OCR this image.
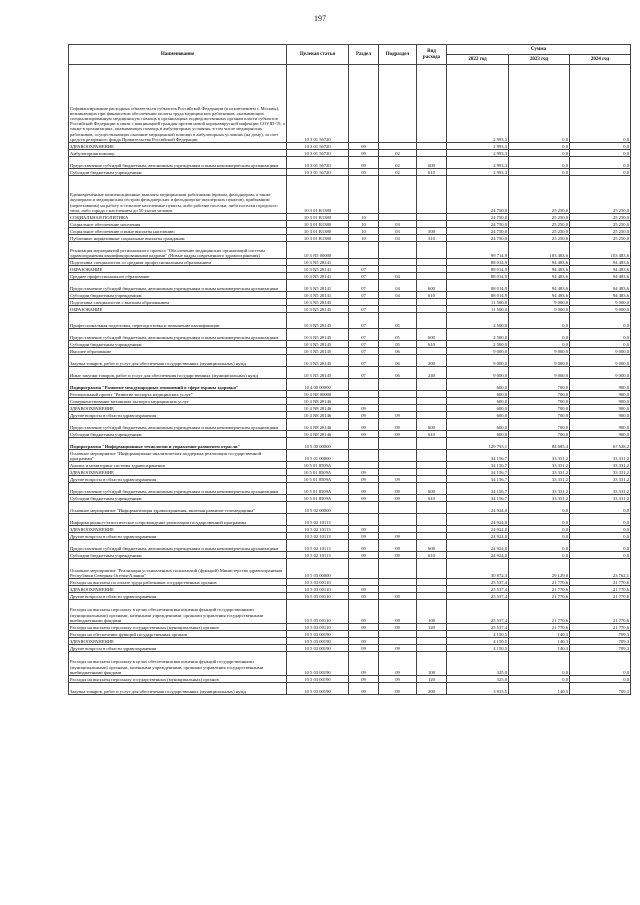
197
Наименование	Целевая статья	Раздел	Подраздел	Вид расхода	Сумма		
					2022 год	2023 год	2024 год
Софинансирование расходных обязательств субъектов Российской Федерации (в исключением г. Москвы), возникающих при финансовом обеспечении оплаты труда медицинских работников, оказывающих специализированную медицинскую помощь в организациях подведомственных органам власти субъектов Российской Федерации в связи с вакцинацией граждан против новой коронавирусной инфекции COVID-19, а также в организациях, оказывающих помощь в амбулаторных условиях, в том числе медицинских работников, осуществляющих оказание медицинской помощи в амбулаторных условиях (на дому), за счет средств резервного фонда Правительства Российской Федерации	10 3 01 56720				2 993,3	0,0	0,0
ЗДРАВООХРАНЕНИЕ	10 3 01 56720	09			2 993,3	0,0	0,0
Амбулаторная помощь	10 3 01 56720	09	02		2 993,3	0,0	0,0
Предоставление субсидий бюджетным, автономным учреждениям и иным некоммерческим организациям	10 3 01 56720	09	02	600	2 993,3	0,0	0,0
Субсидии бюджетным учреждениям	10 3 01 56720	09	02	610	2 993,3	0,0	0,0
Единовременные компенсационные выплаты медицинским работникам (врачам, фельдшерам, а также акушеркам и медицинским сестрам фельдшерских и фельдшерско-акушерских пунктов), прибывшим (переехавшим) на работу в сельские населенные пункты, либо рабочие поселки, либо поселки городского типа, либо города с населением до 50 тысяч человек	10 3 01 R1380				24 750,0	25 250,0	25 250,0
СОЦИАЛЬНАЯ ПОЛИТИКА	10 3 01 R1380	10			24 750,0	25 250,0	25 250,0
Социальное обеспечение населения	10 3 01 R1380	10	03		24 750,0	25 250,0	25 250,0
Социальное обеспечение и иные выплаты населению	10 3 01 R1380	10	03	300	24 750,0	25 250,0	25 250,0
Публичные нормативные социальные выплаты гражданам	10 3 01 R1380	10	03	310	24 750,0	25 250,0	25 250,0
Реализация мероприятий регионального проекта "Обеспечение медицинских организаций системы здравоохранения квалифицированными кадрами" (Новые кадры современного здравоохранения)	10 3 N5 00000				99 714,9	103 483,6	103 483,6
Подготовка специалистов со средним профессиональным образованием	10 3 N5 28141				88 014,9	94 483,6	94 483,6
ОБРАЗОВАНИЕ	10 3 N5 28141	07			88 014,9	94 483,6	94 483,6
Среднее профессиональное образование	10 3 N5 28141	07	04		88 014,9	94 483,6	94 483,6
Предоставление субсидий бюджетным, автономным учреждениям и иным некоммерческим организациям	10 3 N5 28141	07	04	600	88 014,9	94 483,6	94 483,6
Субсидии бюджетным учреждениям	10 3 N5 28141	07	04	610	88 014,9	94 483,6	94 483,6
Подготовка специалистов с высшим образованием	10 3 N5 28145				11 500,0	9 000,0	9 000,0
ОБРАЗОВАНИЕ	10 3 N5 28145	07			11 500,0	9 000,0	9 000,0
Профессиональная подготовка, переподготовка и повышение квалификации	10 3 N5 28145	07	05		2 500,0	0,0	0,0
Предоставление субсидий бюджетным, автономным учреждениям и иным некоммерческим организациям	10 3 N5 28145	07	05	600	2 500,0	0,0	0,0
Субсидии бюджетным учреждениям	10 3 N5 28145	07	05	610	2 500,0	0,0	0,0
Высшее образование	10 3 N5 28145	07	06		9 000,0	9 000,0	9 000,0
Закупка товаров, работ и услуг для обеспечения государственных (муниципальных) нужд	10 3 N5 28145	07	06	200	9 000,0	9 000,0	9 000,0
Иные закупки товаров, работ и услуг для обеспечения государственных (муниципальных) нужд	10 3 N5 28145	07	06	240	9 000,0	9 000,0	9 000,0
Подпрограмма "Развитие международных отношений в сфере охраны здоровья"	10 4 00 00000				600,0	700,0	900,0
Региональный проект "Развитие экспорта медицинских услуг"	10 4 N8 00000				600,0	700,0	900,0
Совершенствование механизма экспорта медицинских услуг	10 4 N8 28146				600,0	700,0	900,0
ЗДРАВООХРАНЕНИЕ	10 4 N8 28146	09			600,0	700,0	900,0
Другие вопросы в области здравоохранения	10 4 N8 28146	09	09		600,0	700,0	900,0
Предоставление субсидий бюджетным, автономным учреждениям и иным некоммерческим организациям	10 4 N8 28146	09	09	600	600,0	700,0	900,0
Субсидии бюджетным учреждениям	10 4 N8 28146	09	09	610	600,0	700,0	900,0
Подпрограмма "Информационные технологии и управление развитием отрасли"	10 5 00 00000				129 793,1	84 685,4	67 528,2
Основное мероприятие "Информационно-аналитическая поддержка реализации государственной программы"	10 5 01 00000				34 156,7	33 331,2	33 331,2
Анализ и мониторинг системы здравоохранения	10 5 01 8509А				34 156,7	33 331,2	33 331,2
ЗДРАВООХРАНЕНИЕ	10 5 01 8509А	09			34 156,7	33 331,2	33 331,2
Другие вопросы в области здравоохранения	10 5 01 8509А	09	09		34 156,7	33 331,2	33 331,2
Предоставление субсидий бюджетным, автономным учреждениям и иным некоммерческим организациям	10 5 01 8509А	09	09	600	34 156,7	33 331,2	33 331,2
Субсидии бюджетным учреждениям	10 5 01 8509А	09	09	610	34 156,7	33 331,2	33 331,2
Основное мероприятие "Информатизация здравоохранения, включая развитие телемедицины"	10 5 02 00000				24 924,0	0,0	0,0
Информационно-статистическое сопровождение реализации государственной программы	10 5 02 10113				24 924,0	0,0	0,0
ЗДРАВООХРАНЕНИЕ	10 5 02 10113	09			24 924,0	0,0	0,0
Другие вопросы в области здравоохранения	10 5 02 10113	09	09		24 924,0	0,0	0,0
Предоставление субсидий бюджетным, автономным учреждениям и иным некоммерческим организациям	10 5 02 10113	09	09	600	24 924,0	0,0	0,0
Субсидии бюджетным учреждениям	10 5 02 10113	09	09	610	24 924,0	0,0	0,0
Основное мероприятие "Реализация установленных полномочий (функций) Министерства здравоохранения Республики Северная Осетия-Алания"	10 5 03 00000				30 872,3	29 129,0	23 762,1
Расходы на выплаты по оплате труда работников государственных органов	10 5 03 00110				25 537,4	21 770,6	21 770,6
ЗДРАВООХРАНЕНИЕ	10 5 03 00110	09			25 537,4	21 770,6	21 770,6
Другие вопросы в области здравоохранения	10 5 03 00110	09	09		25 537,4	21 770,6	21 770,6
Расходы на выплаты персоналу в целях обеспечения выполнения функций государственными (муниципальными) органами, казенными учреждениями, органами управления государственными внебюджетными фондами	10 5 03 00110	09	09	100	25 537,4	21 770,6	21 770,6
Расходы на выплаты персоналу государственных (муниципальных) органов	10 5 03 00110	09	09	120	25 537,4	21 770,6	21 770,6
Расходы на обеспечение функций государственных органов	10 5 03 00190				4 150,5	140,3	709,3
ЗДРАВООХРАНЕНИЕ	10 5 03 00190	09			4 150,5	140,3	709,3
Другие вопросы в области здравоохранения	10 5 03 00190	09	09		4 150,5	140,3	709,3
Расходы на выплаты персоналу в целях обеспечения выполнения функций государственными (муниципальными) органами, казенными учреждениями, органами управления государственными внебюджетными фондами	10 5 03 00190	09	09	100	325,0	0,0	0,0
Расходы на выплаты персоналу государственных (муниципальных) органов	10 5 03 00190	09	09	120	325,0	0,0	0,0
Закупка товаров, работ и услуг для обеспечения государственных (муниципальных) нужд	10 5 03 00190	09	09	200	3 815,5	140,3	709,3
